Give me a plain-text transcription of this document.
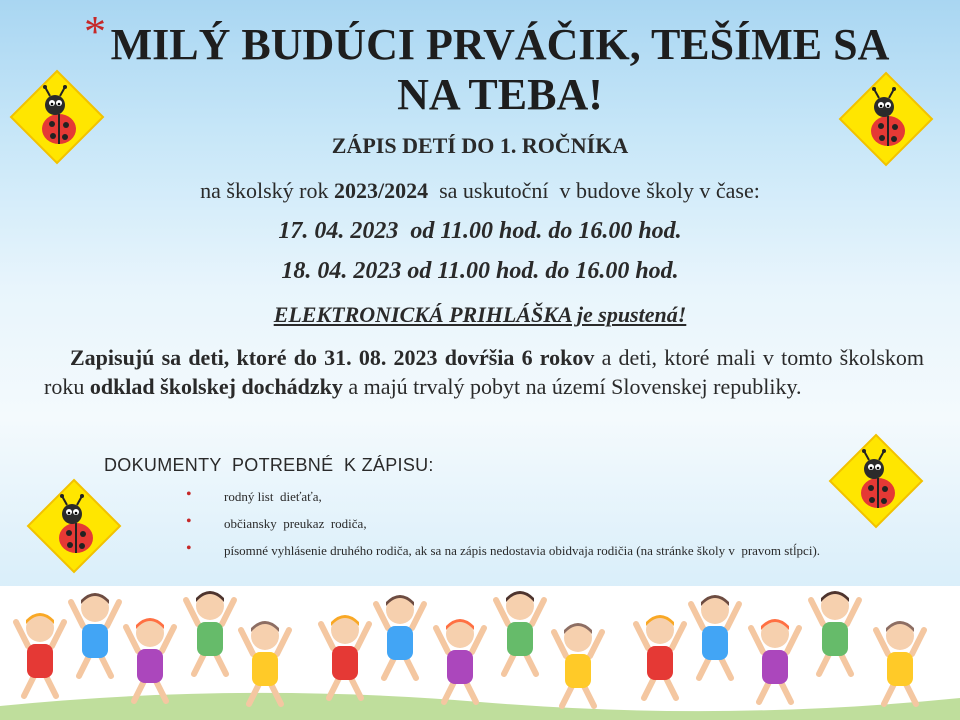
* MILÝ BUDÚCI PRVÁČIK, TEŠÍME SA NA TEBA!
ZÁPIS DETÍ DO 1. ROČNÍKA
na školský rok 2023/2024  sa uskutoční  v budove školy v čase:
17. 04. 2023  od 11.00 hod. do 16.00 hod.
18. 04. 2023 od 11.00 hod. do 16.00 hod.
ELEKTRONICKÁ PRIHLÁŠKA je spustená!

Zapisujú sa deti, ktoré do 31. 08. 2023 dovŕšia 6 rokov a deti, ktoré mali v tomto školskom roku odklad školskej dochádzky a majú trvalý pobyt na území Slovenskej republiky.

DOKUMENTY  POTREBNÉ  K ZÁPISU:
• rodný list  dieťaťa,
• občiansky  preukaz  rodiča,
• písomné vyhlásenie druhého rodiča, ak sa na zápis nedostavia obidvaja rodičia (na stránke školy v  pravom stĺpci).
